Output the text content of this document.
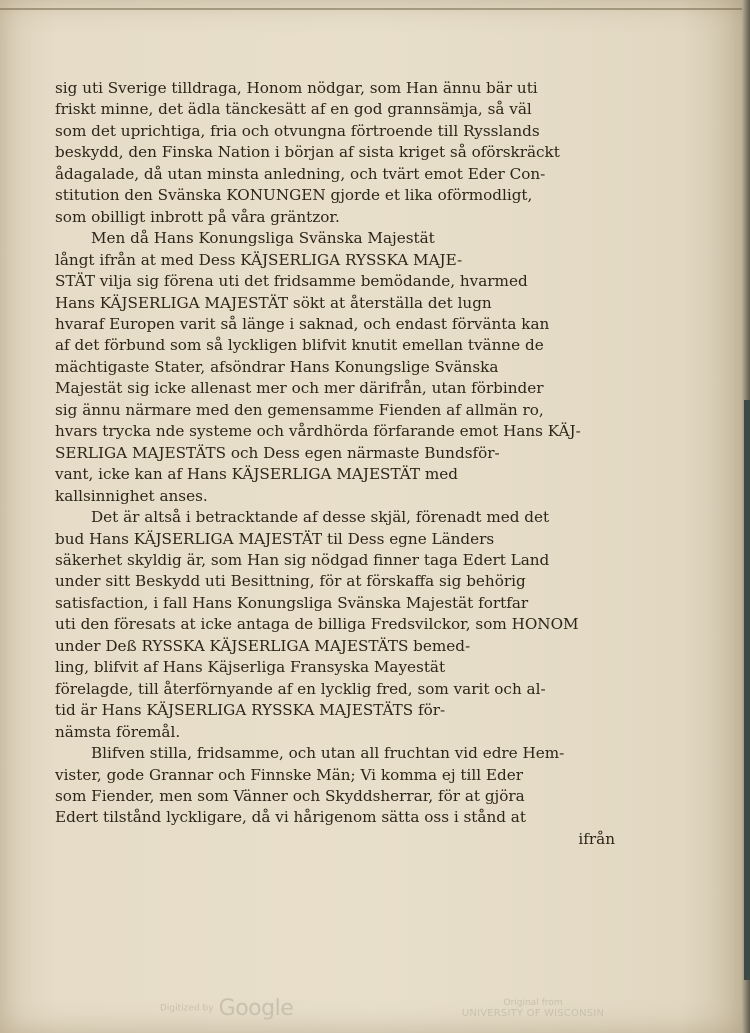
sig uti Sverige tilldraga, Honom nödgar, som Han ännu bär uti
friskt minne, det ädla tänckesätt af en god grannsämja, så väl
som det uprichtiga, fria och otvungna förtroende till Rysslands
beskydd, den Finska Nation i början af sista kriget så oförskräckt
ådagalade, då utan minsta anledning, och tvärt emot Eder Con-
stitution den Svänska KONUNGEN gjorde et lika oförmodligt,
som obilligt inbrott på våra gräntzor.

Men då Hans Konungsliga Svänska Majestät
långt ifrån at med Dess KÄJSERLIGA RYSSKA MAJE-
STÄT vilja sig förena uti det fridsamme bemödande, hvarmed
Hans KÄJSERLIGA MAJESTÄT sökt at återställa det lugn
hvaraf Europen varit så länge i saknad, och endast förvänta kan
af det förbund som så lyckligen blifvit knutit emellan tvänne de
mächtigaste Stater, afsöndrar Hans Konungslige Svänska
Majestät sig icke allenast mer och mer därifrån, utan förbinder
sig ännu närmare med den gemensamme Fienden af allmän ro,
hvars trycka nde systeme och vårdhörda förfarande emot Hans KÄJ-
SERLIGA MAJESTÄTS och Dess egen närmaste Bundsför-
vant, icke kan af Hans KÄJSERLIGA MAJESTÄT med
kallsinnighet anses.

Det är altså i betracktande af desse skjäl, förenadt med det
bud Hans KÄJSERLIGA MAJESTÄT til Dess egne Länders
säkerhet skyldig är, som Han sig nödgad finner taga Edert Land
under sitt Beskydd uti Besittning, för at förskaffa sig behörig
satisfaction, i fall Hans Konungsliga Svänska Majestät fortfar
uti den föresats at icke antaga de billiga Fredsvilckor, som HONOM
under Deß RYSSKA KÄJSERLIGA MAJESTÄTS bemed-
ling, blifvit af Hans Käjserliga Fransyska Mayestät
förelagde, till återförnyande af en lycklig fred, som varit och al-
tid är Hans KÄJSERLIGA RYSSKA MAJESTÄTS för-
nämsta föremål.

Blifven stilla, fridsamme, och utan all fruchtan vid edre Hem-
vister, gode Grannar och Finnske Män; Vi komma ej till Eder
som Fiender, men som Vänner och Skyddsherrar, för at gjöra
Edert tilstånd lyckligare, då vi hårigenom sätta oss i stånd at

ifrån
Digitized by Google	Original from
UNIVERSITY OF WISCONSIN
